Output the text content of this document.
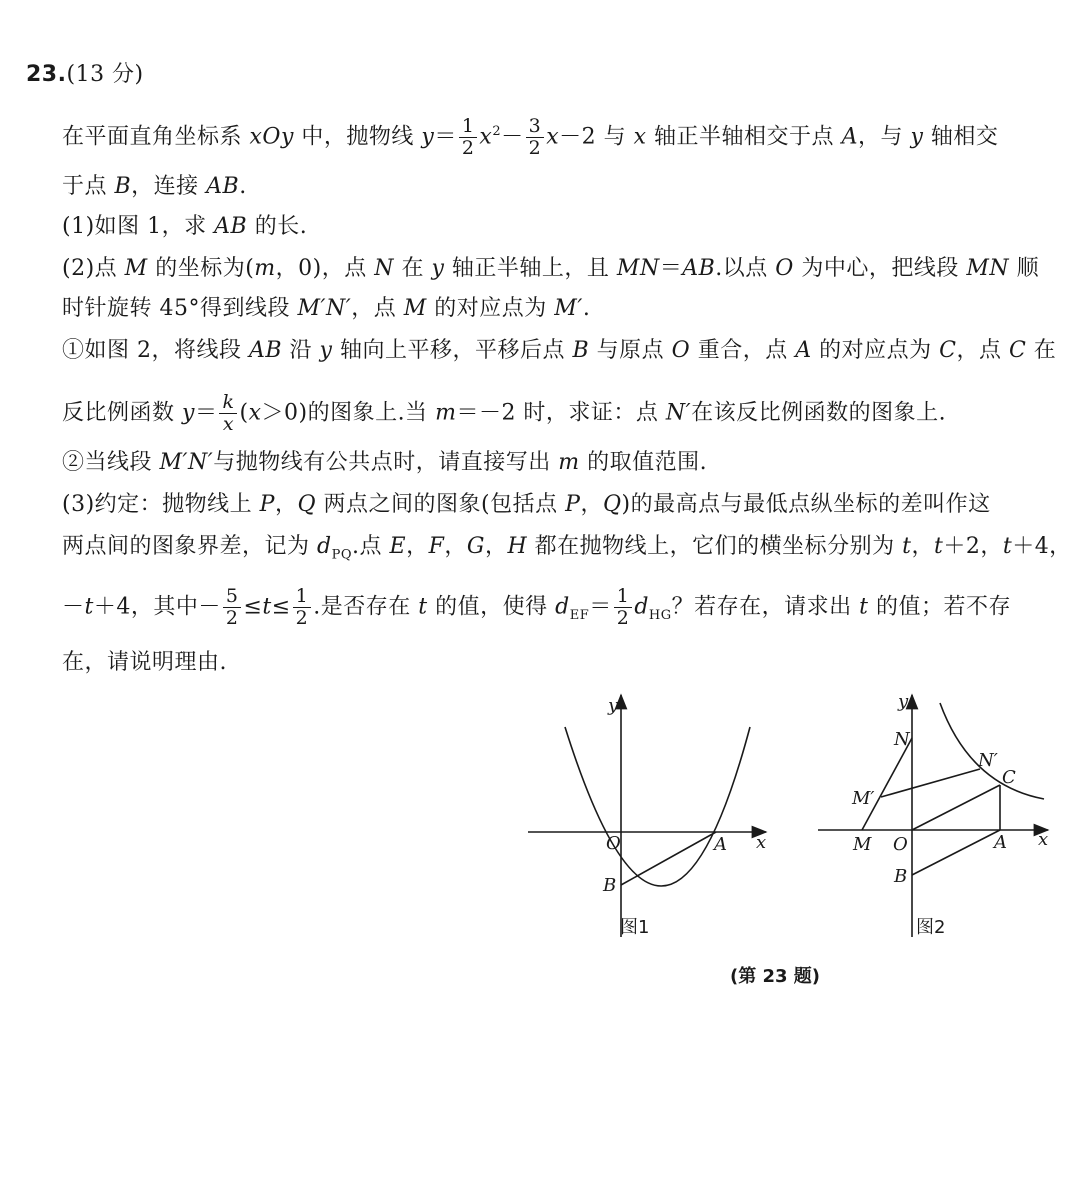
23.(13 分)
在平面直角坐标系 xOy 中，抛物线 $y= \frac{1}{2} x^2- \frac{3}{2} x-2$ 与 x 轴正半轴相交于点 A，与 y 轴相交
于点 B，连接 AB.
(1)如图 1，求 AB 的长.
(2)点 M 的坐标为(m，0)，点 N 在 y 轴正半轴上，且 MN＝AB.以点 O 为中心，把线段 MN 顺
时针旋转 45°得到线段 M′N′，点 M 的对应点为 M′.
①如图 2，将线段 AB 沿 y 轴向上平移，平移后点 B 与原点 O 重合，点 A 的对应点为 C，点 C 在
反比例函数 $y= \frac{k}{x} (x>0)$的图象上.当 m＝－2 时，求证：点 N′在该反比例函数的图象上.
②当线段 M′N′与抛物线有公共点时，请直接写出 m 的取值范围.
(3)约定：抛物线上 P，Q 两点之间的图象(包括点 P，Q)的最高点与最低点纵坐标的差叫作这
两点间的图象界差，记为 $d_{PQ}$.点 E，F，G，H 都在抛物线上，它们的横坐标分别为 t，t＋2，t＋4，
－t＋4，其中－ $\frac{5}{2} \le t\le \frac{1}{2}$ .是否存在 t 的值，使得 $d_{EF}= \frac{1}{2} d_{HG}$？若存在，请求出 t 的值；若不存
在，请说明理由.
y
x
O	A
B
图1
y
x
N
N′
C
M′
M O	A
B
图2
(第 23 题)
